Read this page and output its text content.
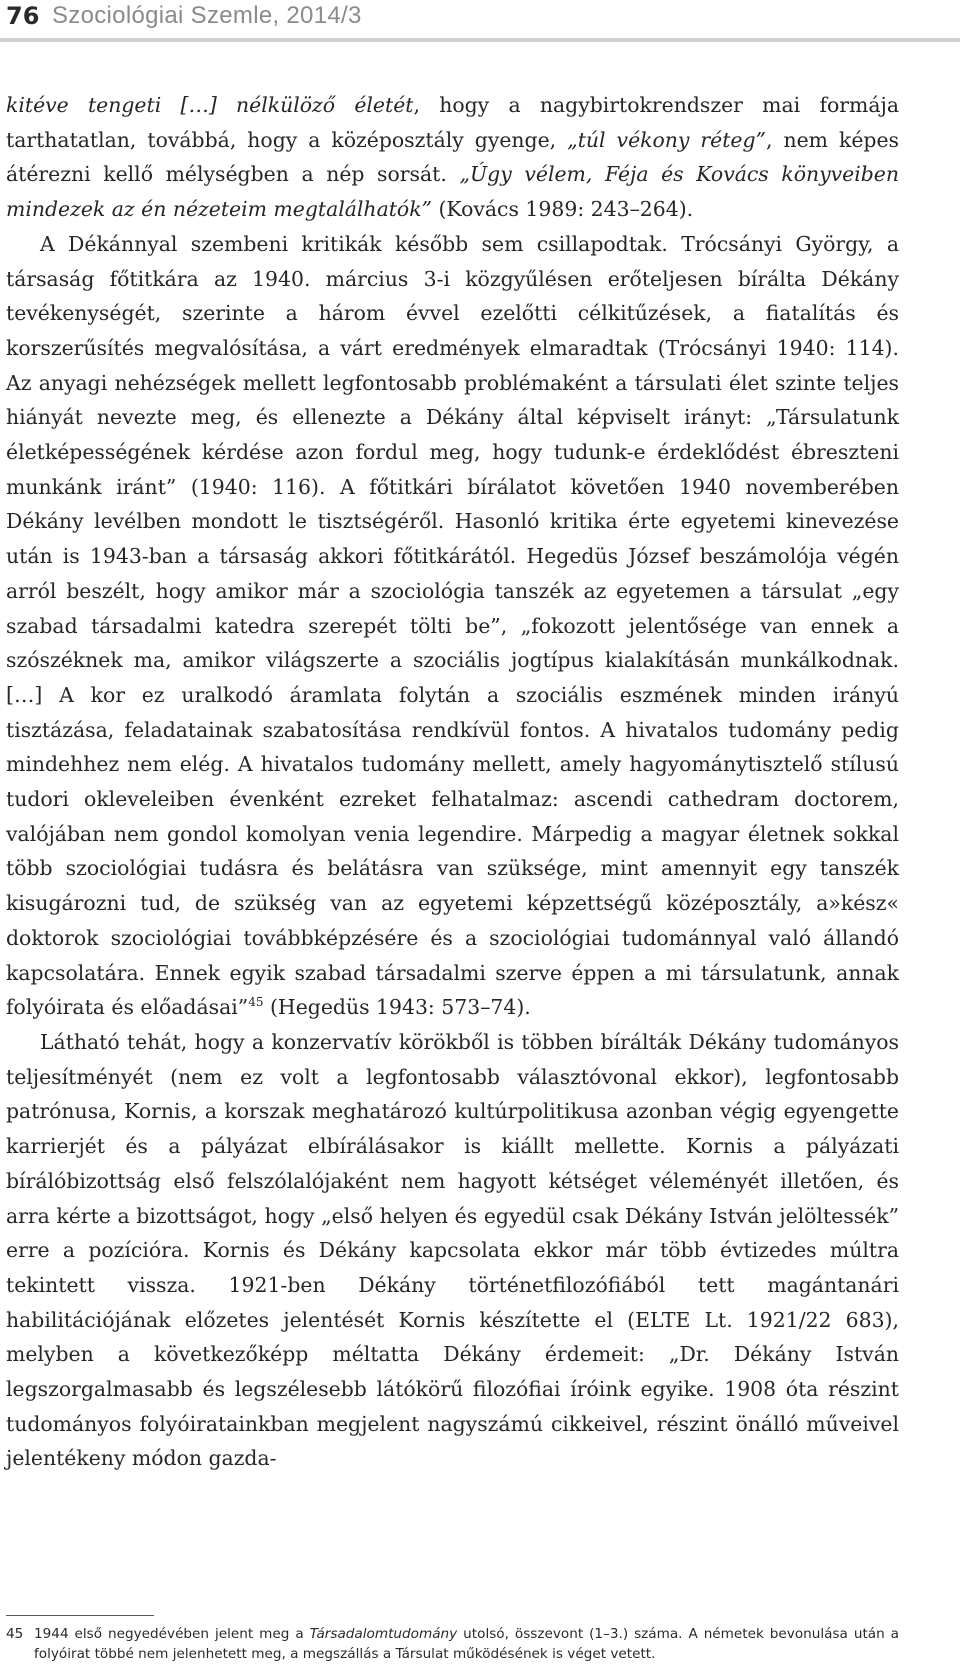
76 Szociológiai Szemle, 2014/3

kitéve tengeti […] nélkülöző életét, hogy a nagybirtokrendszer mai formája tarthatatlan, továbbá, hogy a középosztály gyenge, „túl vékony réteg”, nem képes átérezni kellő mélységben a nép sorsát. „Úgy vélem, Féja és Kovács könyveiben mindezek az én nézeteim megtalálhatók” (Kovács 1989: 243–264).

A Dékánnyal szembeni kritikák később sem csillapodtak. Trócsányi György, a társaság főtitkára az 1940. március 3-i közgyűlésen erőteljesen bírálta Dékány tevékenységét, szerinte a három évvel ezelőtti célkitűzések, a fiatalítás és korszerűsítés megvalósítása, a várt eredmények elmaradtak (Trócsányi 1940: 114). Az anyagi nehézségek mellett legfontosabb problémaként a társulati élet szinte teljes hiányát nevezte meg, és ellenezte a Dékány által képviselt irányt: „Társulatunk életképességének kérdése azon fordul meg, hogy tudunk-e érdeklődést ébreszteni munkánk iránt” (1940: 116). A főtitkári bírálatot követően 1940 novemberében Dékány levélben mondott le tisztségéről. Hasonló kritika érte egyetemi kinevezése után is 1943-ban a társaság akkori főtitkárától. Hegedüs József beszámolója végén arról beszélt, hogy amikor már a szociológia tanszék az egyetemen a társulat „egy szabad társadalmi katedra szerepét tölti be”, „fokozott jelentősége van ennek a szószéknek ma, amikor világszerte a szociális jogtípus kialakításán munkálkodnak. […] A kor ez uralkodó áramlata folytán a szociális eszmének minden irányú tisztázása, feladatainak szabatosítása rendkívül fontos. A hivatalos tudomány pedig mindehhez nem elég. A hivatalos tudomány mellett, amely hagyománytisztelő stílusú tudori okleveleiben évenként ezreket felhatalmaz: ascendi cathedram doctorem, valójában nem gondol komolyan venia legendire. Márpedig a magyar életnek sokkal több szociológiai tudásra és belátásra van szüksége, mint amennyit egy tanszék kisugározni tud, de szükség van az egyetemi képzettségű középosztály, a»kész« doktorok szociológiai továbbképzésére és a szociológiai tudománnyal való állandó kapcsolatára. Ennek egyik szabad társadalmi szerve éppen a mi társulatunk, annak folyóirata és előadásai”$^{45}$ (Hegedüs 1943: 573–74).

Látható tehát, hogy a konzervatív körökből is többen bírálták Dékány tudományos teljesítményét (nem ez volt a legfontosabb választóvonal ekkor), legfontosabb patrónusa, Kornis, a korszak meghatározó kultúrpolitikusa azonban végig egyengette karrierjét és a pályázat elbírálásakor is kiállt mellette. Kornis a pályázati bírálóbizottság első felszólalójaként nem hagyott kétséget véleményét illetően, és arra kérte a bizottságot, hogy „első helyen és egyedül csak Dékány István jelöltessék” erre a pozícióra. Kornis és Dékány kapcsolata ekkor már több évtizedes múltra tekintett vissza. 1921-ben Dékány történetfilozófiából tett magántanári habilitációjának előzetes jelentését Kornis készítette el (ELTE Lt. 1921/22 683), melyben a következőképp méltatta Dékány érdemeit: „Dr. Dékány István legszorgalmasabb és legszélesebb látókörű filozófiai íróink egyike. 1908 óta részint tudományos folyóiratainkban megjelent nagyszámú cikkeivel, részint önálló műveivel jelentékeny módon gazda-

45 1944 első negyedévében jelent meg a Társadalomtudomány utolsó, összevont (1–3.) száma. A németek bevonulása után a folyóirat többé nem jelenhetett meg, a megszállás a Társulat működésének is véget vetett.
